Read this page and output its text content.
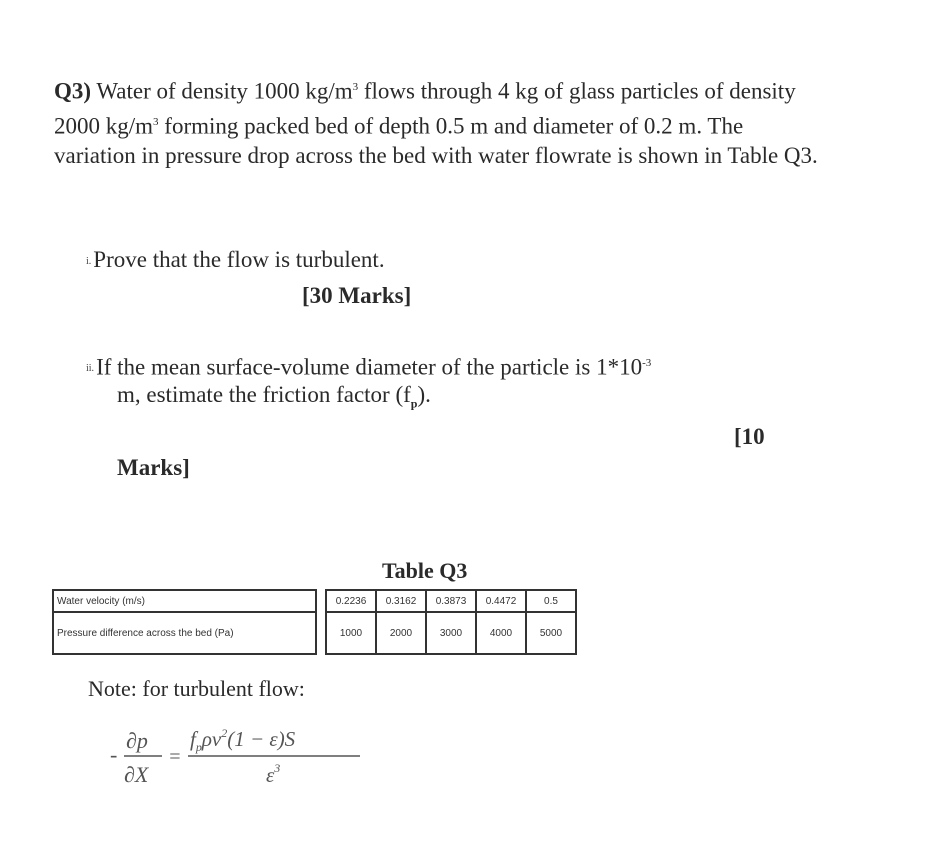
Q3) Water of density 1000 $kg/m^3$ flows through 4 kg of glass particles of density 2000 $kg/m^3$ forming packed bed of depth 0.5 m and diameter of 0.2 m. The variation in pressure drop across the bed with water flowrate is shown in Table Q3.

i.Prove that the flow is turbulent.
[30 Marks]
ii.If the mean surface-volume diameter of the particle is $1*10^{-3}$
m, estimate the friction factor $(f_p)$.
[10
Marks]
Table Q3
Water velocity (m/s)		0.2236	0.3162	0.3873	0.4472	0.5
Pressure difference across the bed (Pa)		1000	2000	3000	4000	5000
Note: for turbulent flow:
-
∂p
∂X
=
$f_p\rho v^2(1 - \varepsilon)S$
$\varepsilon^3$
